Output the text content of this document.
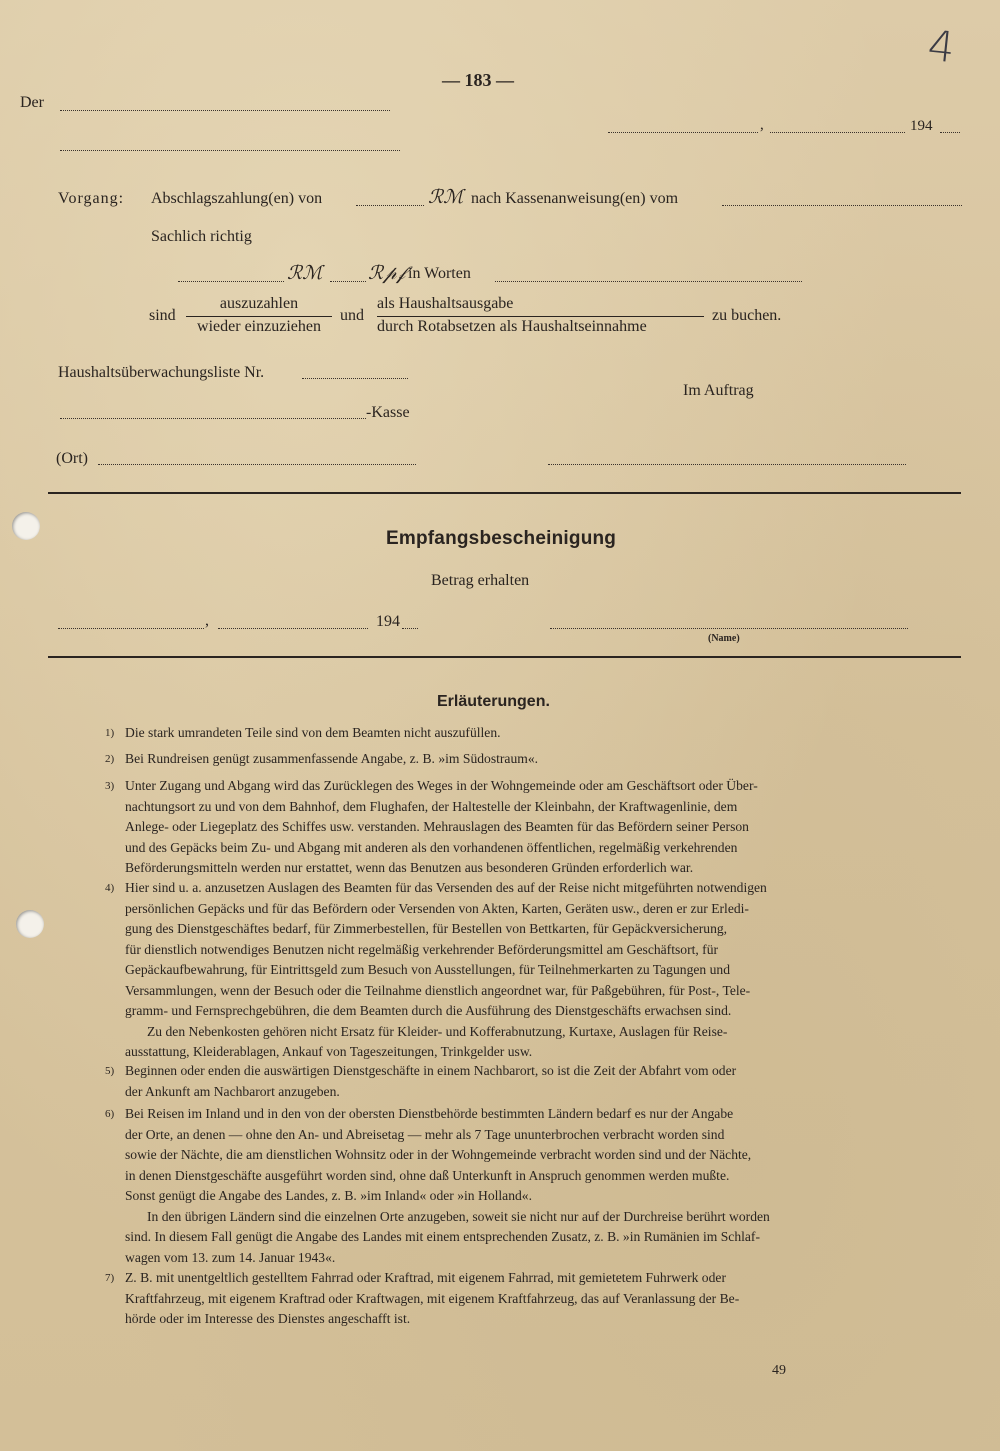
4
— 183 —
Der
,	194
Vorgang: Abschlagszahlung(en) von	ℛℳ nach Kassenanweisung(en) vom
Sachlich richtig
ℛℳ ℛ𝓅𝒻 in Worten
sind
auszuzahlen
wieder einzuziehen
und
als Haushaltsausgabe
durch Rotabsetzen als Haushaltseinnahme
zu buchen.
Haushaltsüberwachungsliste Nr.
Im Auftrag
-Kasse
(Ort)
Empfangsbescheinigung
Betrag erhalten
,	194
(Name)
Erläuterungen.
1) Die stark umrandeten Teile sind von dem Beamten nicht auszufüllen.
2) Bei Rundreisen genügt zusammenfassende Angabe, z. B. »im Südostraum«.
3) Unter Zugang und Abgang wird das Zurücklegen des Weges in der Wohngemeinde oder am Geschäftsort oder Über-
nachtungsort zu und von dem Bahnhof, dem Flughafen, der Haltestelle der Kleinbahn, der Kraftwagenlinie, dem
Anlege- oder Liegeplatz des Schiffes usw. verstanden. Mehrauslagen des Beamten für das Befördern seiner Person
und des Gepäcks beim Zu- und Abgang mit anderen als den vorhandenen öffentlichen, regelmäßig verkehrenden
Beförderungsmitteln werden nur erstattet, wenn das Benutzen aus besonderen Gründen erforderlich war.
4) Hier sind u. a. anzusetzen Auslagen des Beamten für das Versenden des auf der Reise nicht mitgeführten notwendigen
persönlichen Gepäcks und für das Befördern oder Versenden von Akten, Karten, Geräten usw., deren er zur Erledi-
gung des Dienstgeschäftes bedarf, für Zimmerbestellen, für Bestellen von Bettkarten, für Gepäckversicherung,
für dienstlich notwendiges Benutzen nicht regelmäßig verkehrender Beförderungsmittel am Geschäftsort, für
Gepäckaufbewahrung, für Eintrittsgeld zum Besuch von Ausstellungen, für Teilnehmerkarten zu Tagungen und
Versammlungen, wenn der Besuch oder die Teilnahme dienstlich angeordnet war, für Paßgebühren, für Post-, Tele-
gramm- und Fernsprechgebühren, die dem Beamten durch die Ausführung des Dienstgeschäfts erwachsen sind.
Zu den Nebenkosten gehören nicht Ersatz für Kleider- und Kofferabnutzung, Kurtaxe, Auslagen für Reise-
ausstattung, Kleiderablagen, Ankauf von Tageszeitungen, Trinkgelder usw.
5) Beginnen oder enden die auswärtigen Dienstgeschäfte in einem Nachbarort, so ist die Zeit der Abfahrt vom oder
der Ankunft am Nachbarort anzugeben.
6) Bei Reisen im Inland und in den von der obersten Dienstbehörde bestimmten Ländern bedarf es nur der Angabe
der Orte, an denen — ohne den An- und Abreisetag — mehr als 7 Tage ununterbrochen verbracht worden sind
sowie der Nächte, die am dienstlichen Wohnsitz oder in der Wohngemeinde verbracht worden sind und der Nächte,
in denen Dienstgeschäfte ausgeführt worden sind, ohne daß Unterkunft in Anspruch genommen werden mußte.
Sonst genügt die Angabe des Landes, z. B. »im Inland« oder »in Holland«.
In den übrigen Ländern sind die einzelnen Orte anzugeben, soweit sie nicht nur auf der Durchreise berührt worden
sind. In diesem Fall genügt die Angabe des Landes mit einem entsprechenden Zusatz, z. B. »in Rumänien im Schlaf-
wagen vom 13. zum 14. Januar 1943«.
7) Z. B. mit unentgeltlich gestelltem Fahrrad oder Kraftrad, mit eigenem Fahrrad, mit gemietetem Fuhrwerk oder
Kraftfahrzeug, mit eigenem Kraftrad oder Kraftwagen, mit eigenem Kraftfahrzeug, das auf Veranlassung der Be-
hörde oder im Interesse des Dienstes angeschafft ist.
49
